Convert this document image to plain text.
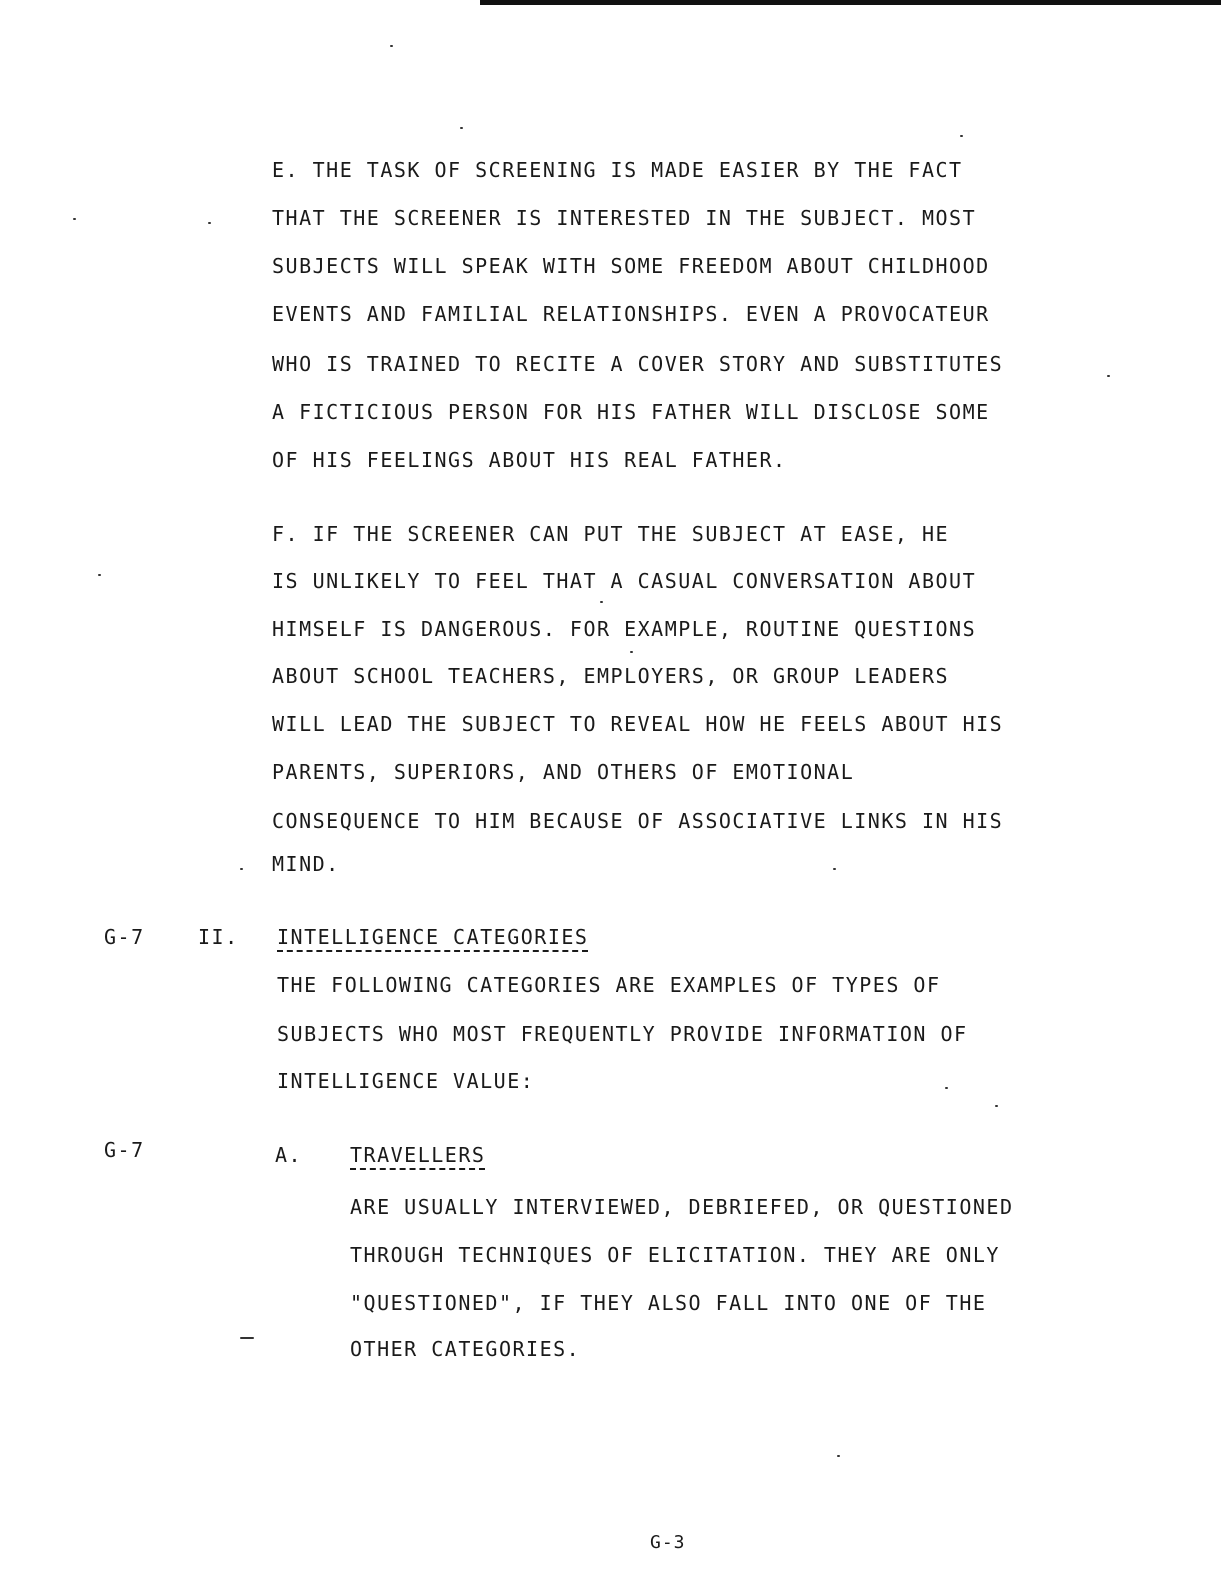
E. THE TASK OF SCREENING IS MADE EASIER BY THE FACT
THAT THE SCREENER IS INTERESTED IN THE SUBJECT. MOST
SUBJECTS WILL SPEAK WITH SOME FREEDOM ABOUT CHILDHOOD
EVENTS AND FAMILIAL RELATIONSHIPS. EVEN A PROVOCATEUR
WHO IS TRAINED TO RECITE A COVER STORY AND SUBSTITUTES
A FICTICIOUS PERSON FOR HIS FATHER WILL DISCLOSE SOME
OF HIS FEELINGS ABOUT HIS REAL FATHER.
F. IF THE SCREENER CAN PUT THE SUBJECT AT EASE, HE
IS UNLIKELY TO FEEL THAT A CASUAL CONVERSATION ABOUT
HIMSELF IS DANGEROUS. FOR EXAMPLE, ROUTINE QUESTIONS
ABOUT SCHOOL TEACHERS, EMPLOYERS, OR GROUP LEADERS
WILL LEAD THE SUBJECT TO REVEAL HOW HE FEELS ABOUT HIS
PARENTS, SUPERIORS, AND OTHERS OF EMOTIONAL
CONSEQUENCE TO HIM BECAUSE OF ASSOCIATIVE LINKS IN HIS
MIND.
G-7	II. INTELLIGENCE CATEGORIES
THE FOLLOWING CATEGORIES ARE EXAMPLES OF TYPES OF
SUBJECTS WHO MOST FREQUENTLY PROVIDE INFORMATION OF
INTELLIGENCE VALUE:
G-7	A. TRAVELLERS
ARE USUALLY INTERVIEWED, DEBRIEFED, OR QUESTIONED
THROUGH TECHNIQUES OF ELICITATION. THEY ARE ONLY
"QUESTIONED", IF THEY ALSO FALL INTO ONE OF THE
OTHER CATEGORIES.
G-3
